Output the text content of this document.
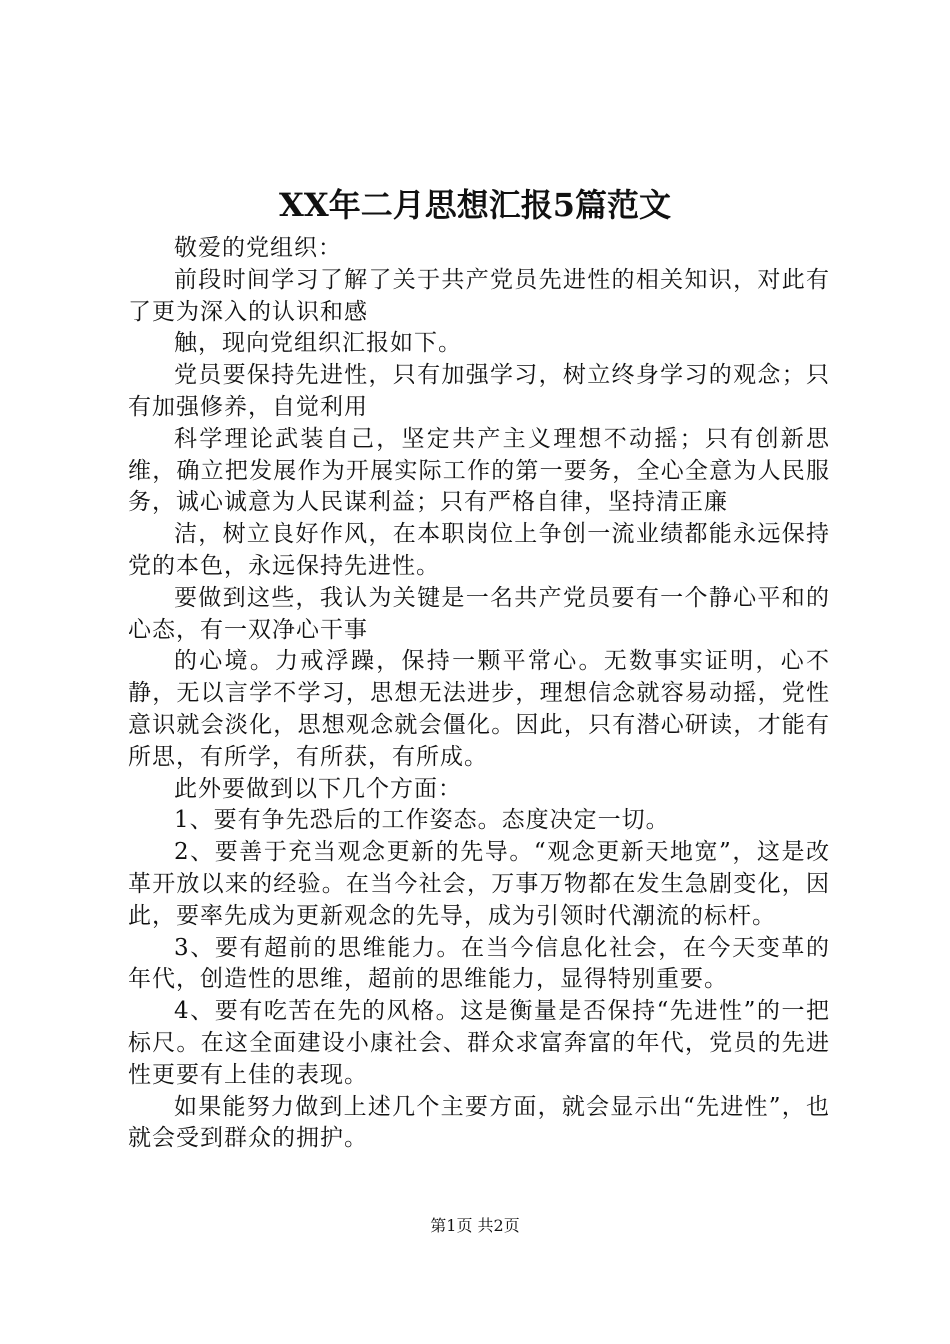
XX年二月思想汇报5篇范文

敬爱的党组织：

前段时间学习了解了关于共产党员先进性的相关知识，对此有了更为深入的认识和感

触，现向党组织汇报如下。

党员要保持先进性，只有加强学习，树立终身学习的观念；只有加强修养，自觉利用

科学理论武装自己，坚定共产主义理想不动摇；只有创新思维，确立把发展作为开展实际工作的第一要务，全心全意为人民服务，诚心诚意为人民谋利益；只有严格自律，坚持清正廉

洁，树立良好作风，在本职岗位上争创一流业绩都能永远保持党的本色，永远保持先进性。

要做到这些，我认为关键是一名共产党员要有一个静心平和的心态，有一双净心干事

的心境。力戒浮躁，保持一颗平常心。无数事实证明，心不静，无以言学不学习，思想无法进步，理想信念就容易动摇，党性意识就会淡化，思想观念就会僵化。因此，只有潜心研读，才能有所思，有所学，有所获，有所成。

此外要做到以下几个方面：

1、要有争先恐后的工作姿态。态度决定一切。

2、要善于充当观念更新的先导。“观念更新天地宽”，这是改革开放以来的经验。在当今社会，万事万物都在发生急剧变化，因此，要率先成为更新观念的先导，成为引领时代潮流的标杆。

3、要有超前的思维能力。在当今信息化社会，在今天变革的年代，创造性的思维，超前的思维能力，显得特别重要。

4、要有吃苦在先的风格。这是衡量是否保持“先进性”的一把标尺。在这全面建设小康社会、群众求富奔富的年代，党员的先进性更要有上佳的表现。

如果能努力做到上述几个主要方面，就会显示出“先进性”，也就会受到群众的拥护。

第1页 共2页
